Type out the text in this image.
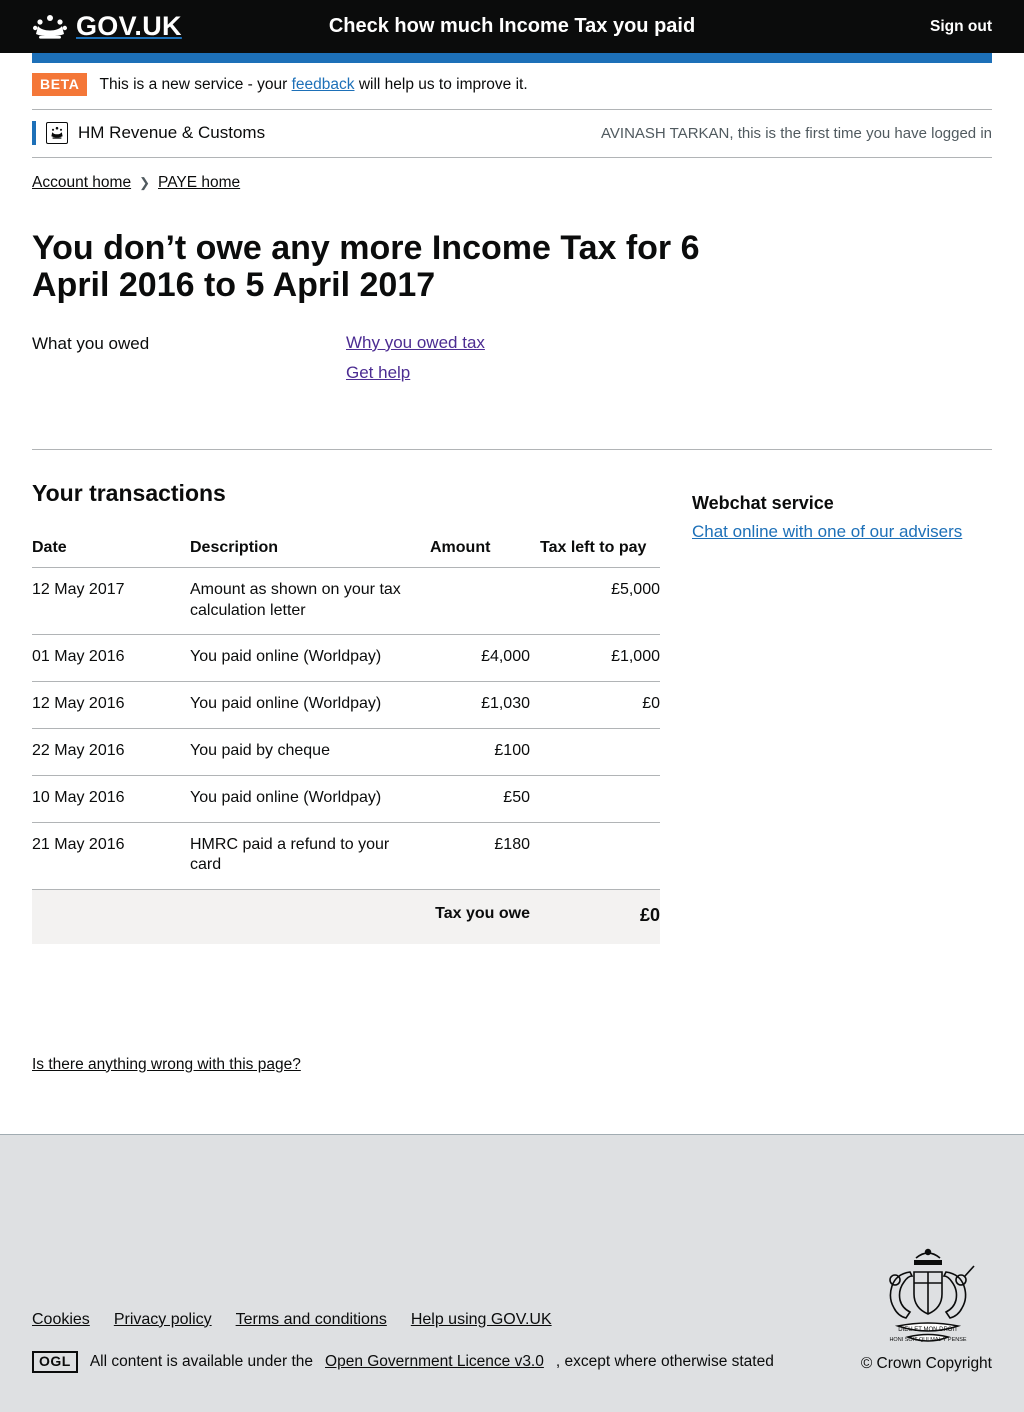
GOV.UK	Check how much Income Tax you paid	Sign out
BETA	This is a new service - your feedback will help us to improve it.
HM Revenue & Customs	AVINASH TARKAN, this is the first time you have logged in
Account home ❯ PAYE home
You don’t owe any more Income Tax for 6 April 2016 to 5 April 2017
What you owed	Why you owed tax
Get help
Your transactions
Date	Description	Amount	Tax left to pay
12 May 2017	Amount as shown on your tax calculation letter		£5,000
01 May 2016	You paid online (Worldpay)	£4,000	£1,000
12 May 2016	You paid online (Worldpay)	£1,030	£0
22 May 2016	You paid by cheque	£100	
10 May 2016	You paid online (Worldpay)	£50	
21 May 2016	HMRC paid a refund to your card	£180	
		Tax you owe	£0
Is there anything wrong with this page?
Webchat service
Chat online with one of our advisers
Cookies Privacy policy Terms and conditions Help using GOV.UK
OGL	All content is available under the Open Government Licence v3.0 , except where otherwise stated
DIEU ET MON DROIT
HONI SOIT QUI MAL Y PENSE
© Crown Copyright
